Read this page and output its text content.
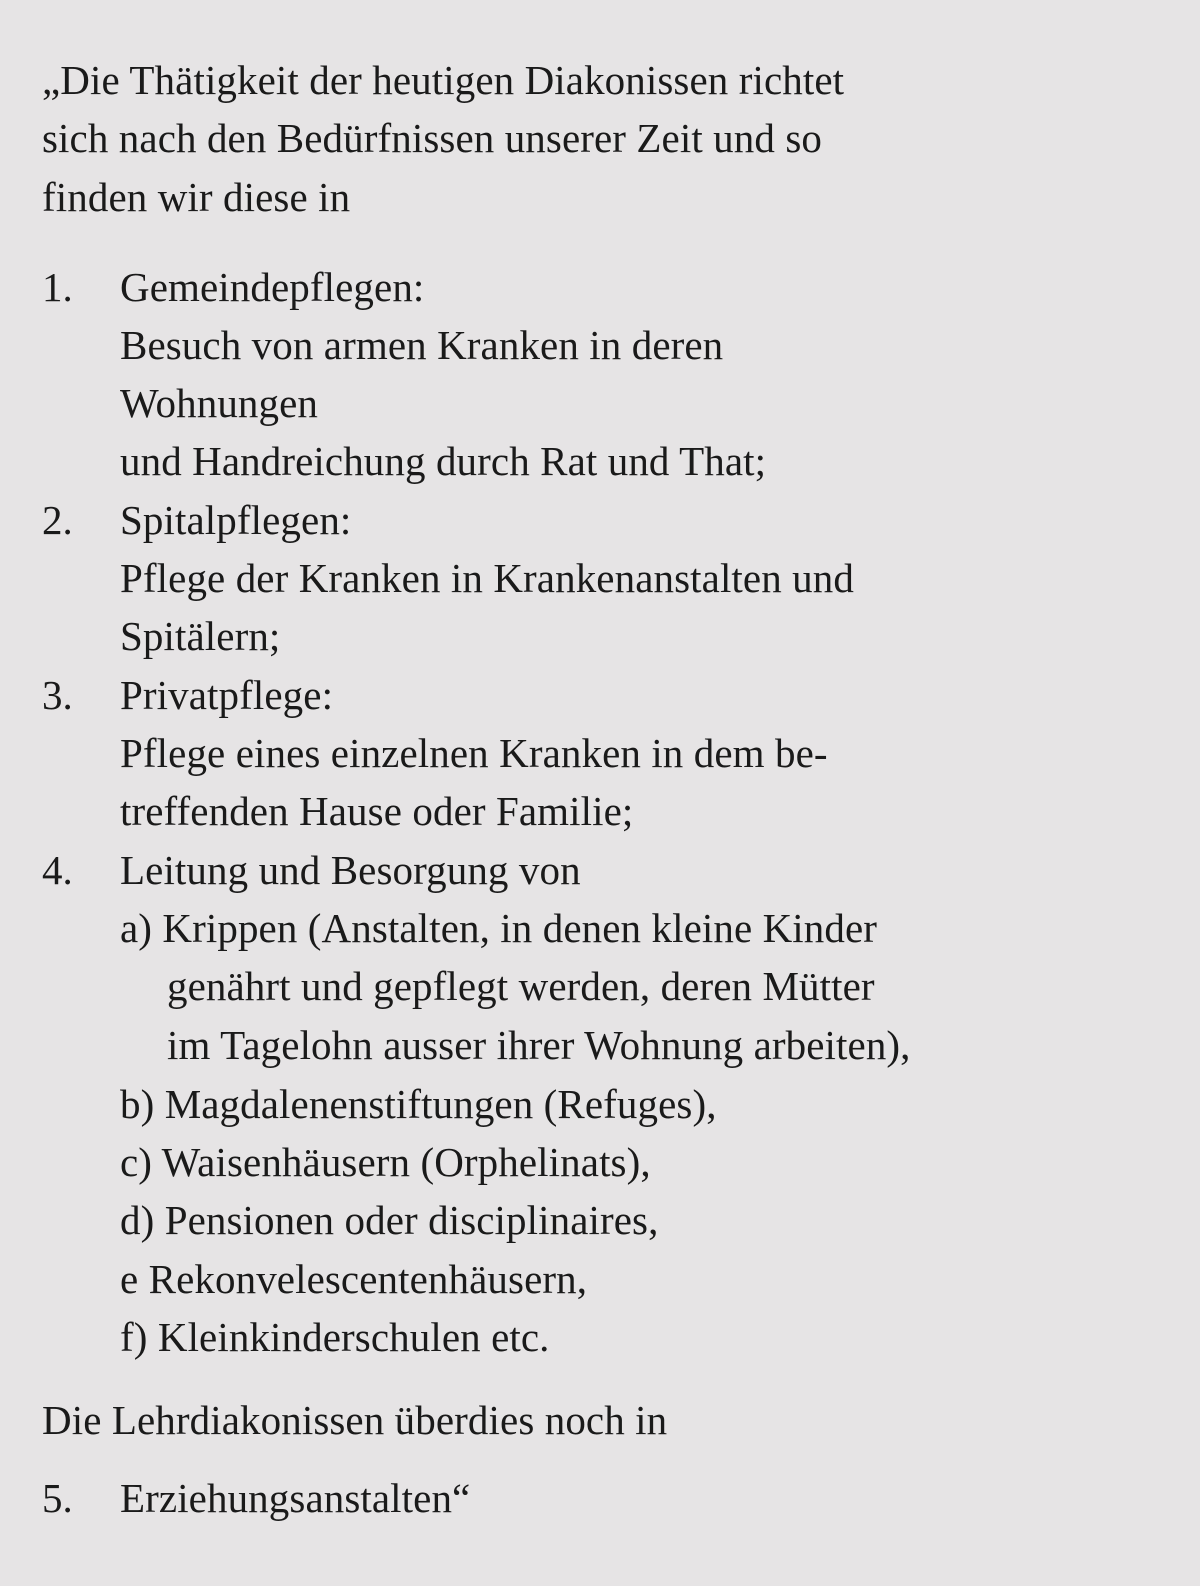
„Die Thätigkeit der heutigen Diakonissen richtet
sich nach den Bedürfnissen unserer Zeit und so
finden wir diese in
1. Gemeindepflegen:
Besuch von armen Kranken in deren
Wohnungen
und Handreichung durch Rat und That;
2. Spitalpflegen:
Pflege der Kranken in Krankenanstalten und
Spitälern;
3. Privatpflege:
Pflege eines einzelnen Kranken in dem be-
treffenden Hause oder Familie;
4. Leitung und Besorgung von
a) Krippen (Anstalten, in denen kleine Kinder
genährt und gepflegt werden, deren Mütter
im Tagelohn ausser ihrer Wohnung arbeiten),
b) Magdalenenstiftungen (Refuges),
c) Waisenhäusern (Orphelinats),
d) Pensionen oder disciplinaires,
e Rekonvelescentenhäusern,
f) Kleinkinderschulen etc.
Die Lehrdiakonissen überdies noch in
5. Erziehungsanstalten“
